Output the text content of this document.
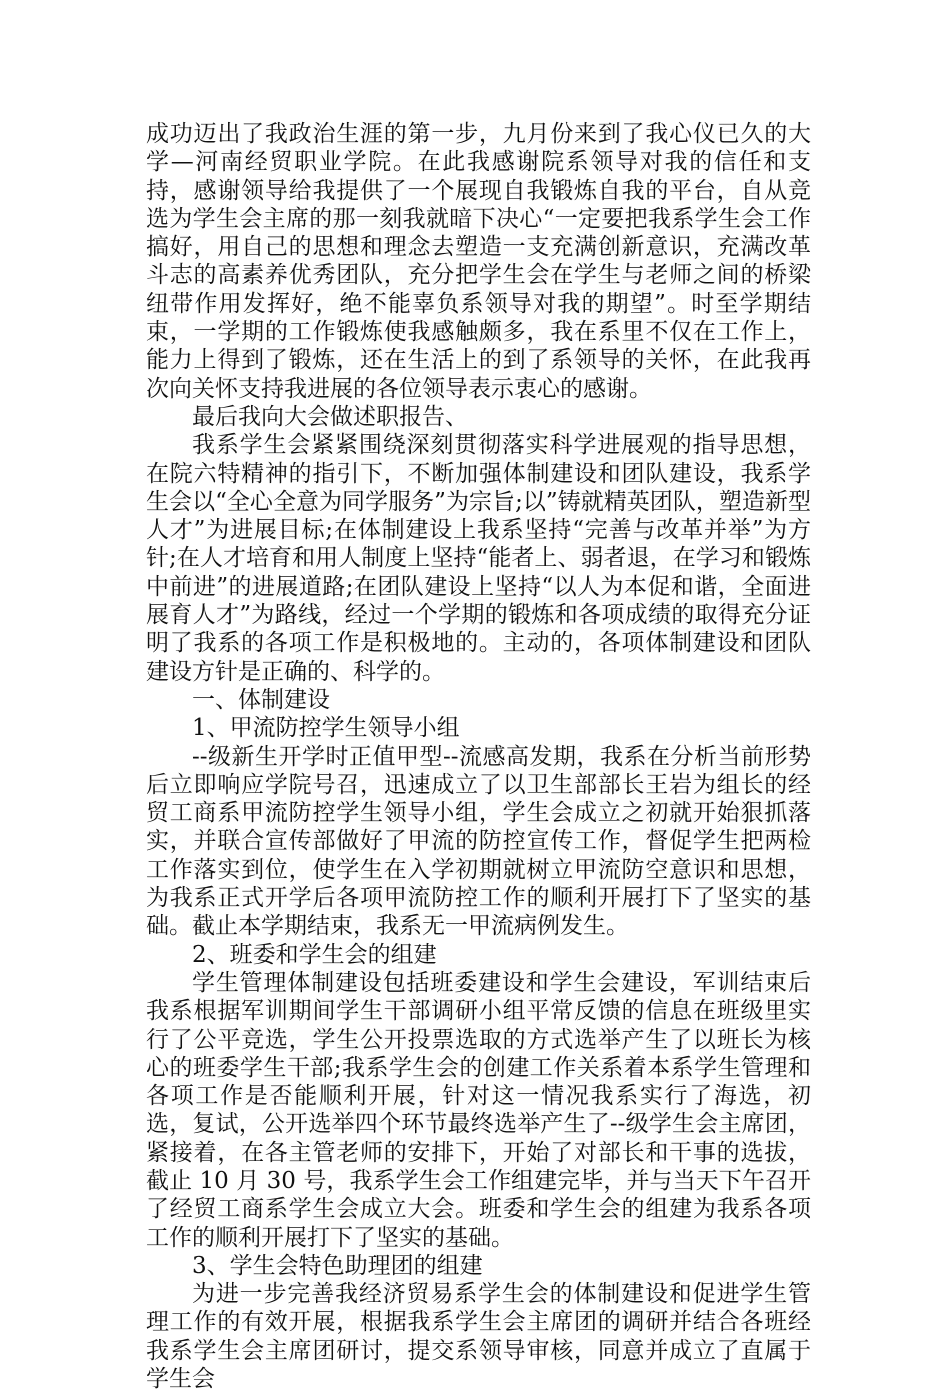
成功迈出了我政治生涯的第一步，九月份来到了我心仪已久的大学—河南经贸职业学院。在此我感谢院系领导对我的信任和支持，感谢领导给我提供了一个展现自我锻炼自我的平台，自从竞选为学生会主席的那一刻我就暗下决心“一定要把我系学生会工作搞好，用自己的思想和理念去塑造一支充满创新意识，充满改革斗志的高素养优秀团队，充分把学生会在学生与老师之间的桥梁纽带作用发挥好，绝不能辜负系领导对我的期望”。时至学期结束，一学期的工作锻炼使我感触颇多，我在系里不仅在工作上，能力上得到了锻炼，还在生活上的到了系领导的关怀，在此我再次向关怀支持我进展的各位领导表示衷心的感谢。

最后我向大会做述职报告、

我系学生会紧紧围绕深刻贯彻落实科学进展观的指导思想，在院六特精神的指引下，不断加强体制建设和团队建设，我系学生会以“全心全意为同学服务”为宗旨;以”铸就精英团队，塑造新型人才”为进展目标;在体制建设上我系坚持“完善与改革并举”为方针;在人才培育和用人制度上坚持“能者上、弱者退，在学习和锻炼中前进”的进展道路;在团队建设上坚持“以人为本促和谐，全面进展育人才”为路线，经过一个学期的锻炼和各项成绩的取得充分证明了我系的各项工作是积极地的。主动的，各项体制建设和团队建设方针是正确的、科学的。

一、体制建设

1、甲流防控学生领导小组

--级新生开学时正值甲型--流感高发期，我系在分析当前形势后立即响应学院号召，迅速成立了以卫生部部长王岩为组长的经贸工商系甲流防控学生领导小组，学生会成立之初就开始狠抓落实，并联合宣传部做好了甲流的防控宣传工作，督促学生把两检工作落实到位，使学生在入学初期就树立甲流防空意识和思想，为我系正式开学后各项甲流防控工作的顺利开展打下了坚实的基础。截止本学期结束，我系无一甲流病例发生。

2、班委和学生会的组建

学生管理体制建设包括班委建设和学生会建设，军训结束后我系根据军训期间学生干部调研小组平常反馈的信息在班级里实行了公平竞选，学生公开投票选取的方式选举产生了以班长为核心的班委学生干部;我系学生会的创建工作关系着本系学生管理和各项工作是否能顺利开展，针对这一情况我系实行了海选，初选，复试，公开选举四个环节最终选举产生了--级学生会主席团，紧接着，在各主管老师的安排下，开始了对部长和干事的选拔，截止 10 月 30 号，我系学生会工作组建完毕，并与当天下午召开了经贸工商系学生会成立大会。班委和学生会的组建为我系各项工作的顺利开展打下了坚实的基础。

3、学生会特色助理团的组建

为进一步完善我经济贸易系学生会的体制建设和促进学生管理工作的有效开展，根据我系学生会主席团的调研并结合各班经我系学生会主席团研讨，提交系领导审核，同意并成立了直属于学生会
